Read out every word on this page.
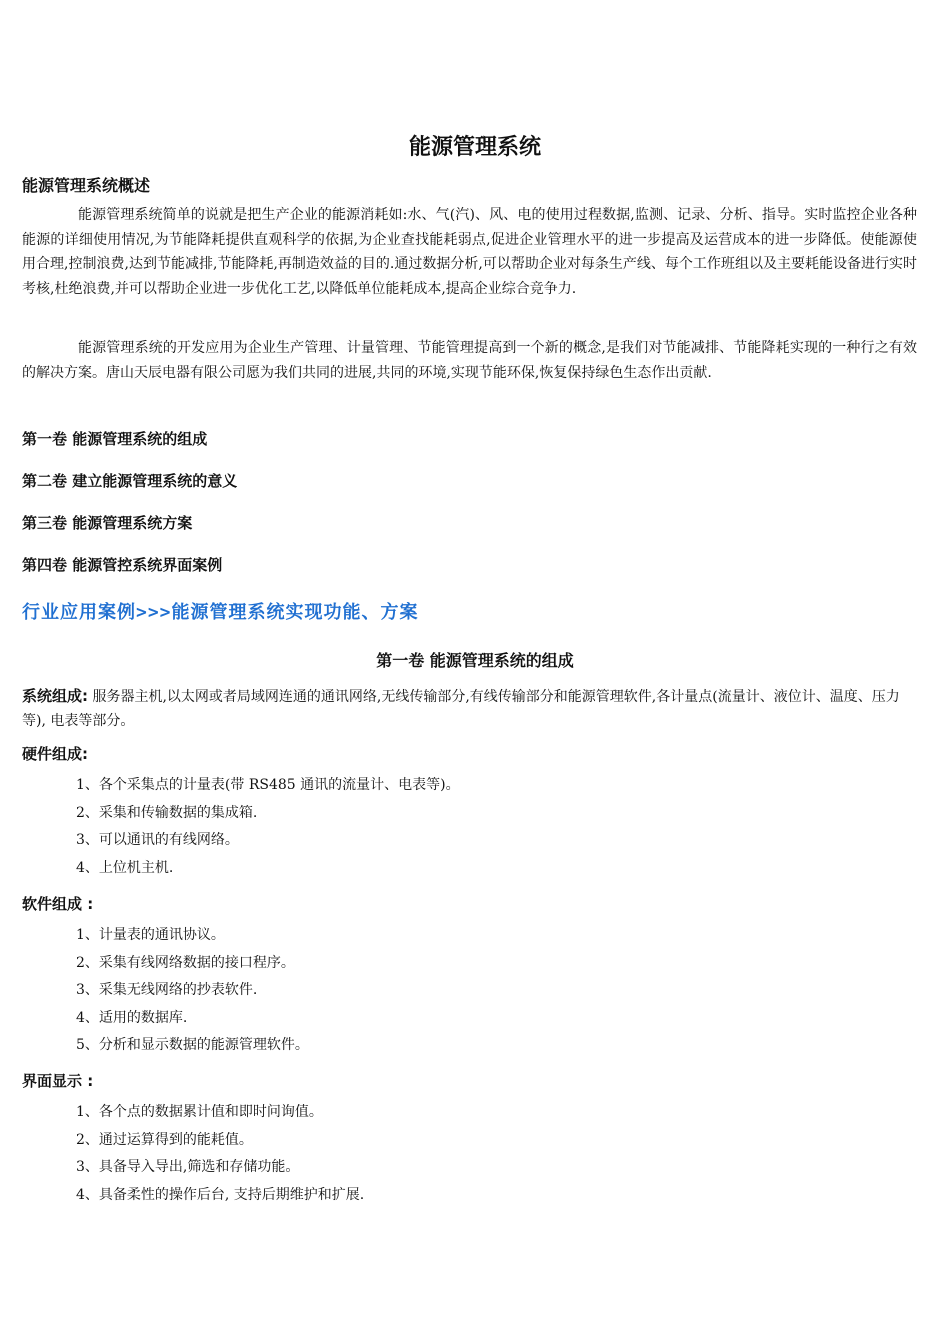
能源管理系统
能源管理系统概述
能源管理系统简单的说就是把生产企业的能源消耗如:水、气(汽)、风、电的使用过程数据,监测、记录、分析、指导。实时监控企业各种能源的详细使用情况,为节能降耗提供直观科学的依据,为企业查找能耗弱点,促进企业管理水平的进一步提高及运营成本的进一步降低。使能源使用合理,控制浪费,达到节能减排,节能降耗,再制造效益的目的.通过数据分析,可以帮助企业对每条生产线、每个工作班组以及主要耗能设备进行实时考核,杜绝浪费,并可以帮助企业进一步优化工艺,以降低单位能耗成本,提高企业综合竞争力.
能源管理系统的开发应用为企业生产管理、计量管理、节能管理提高到一个新的概念,是我们对节能减排、节能降耗实现的一种行之有效的解决方案。唐山天辰电器有限公司愿为我们共同的进展,共同的环境,实现节能环保,恢复保持绿色生态作出贡献.
第一卷 能源管理系统的组成
第二卷 建立能源管理系统的意义
第三卷 能源管理系统方案
第四卷 能源管控系统界面案例
行业应用案例>>>能源管理系统实现功能、方案
第一卷 能源管理系统的组成
系统组成: 服务器主机,以太网或者局域网连通的通讯网络,无线传输部分,有线传输部分和能源管理软件,各计量点(流量计、液位计、温度、压力等), 电表等部分。
硬件组成:
1、各个采集点的计量表(带 RS485 通讯的流量计、电表等)。
2、采集和传输数据的集成箱.
3、可以通讯的有线网络。
4、上位机主机.
软件组成 :
1、计量表的通讯协议。
2、采集有线网络数据的接口程序。
3、采集无线网络的抄表软件.
4、适用的数据库.
5、分析和显示数据的能源管理软件。
界面显示 :
1、各个点的数据累计值和即时问询值。
2、通过运算得到的能耗值。
3、具备导入导出,筛选和存储功能。
4、具备柔性的操作后台, 支持后期维护和扩展.
